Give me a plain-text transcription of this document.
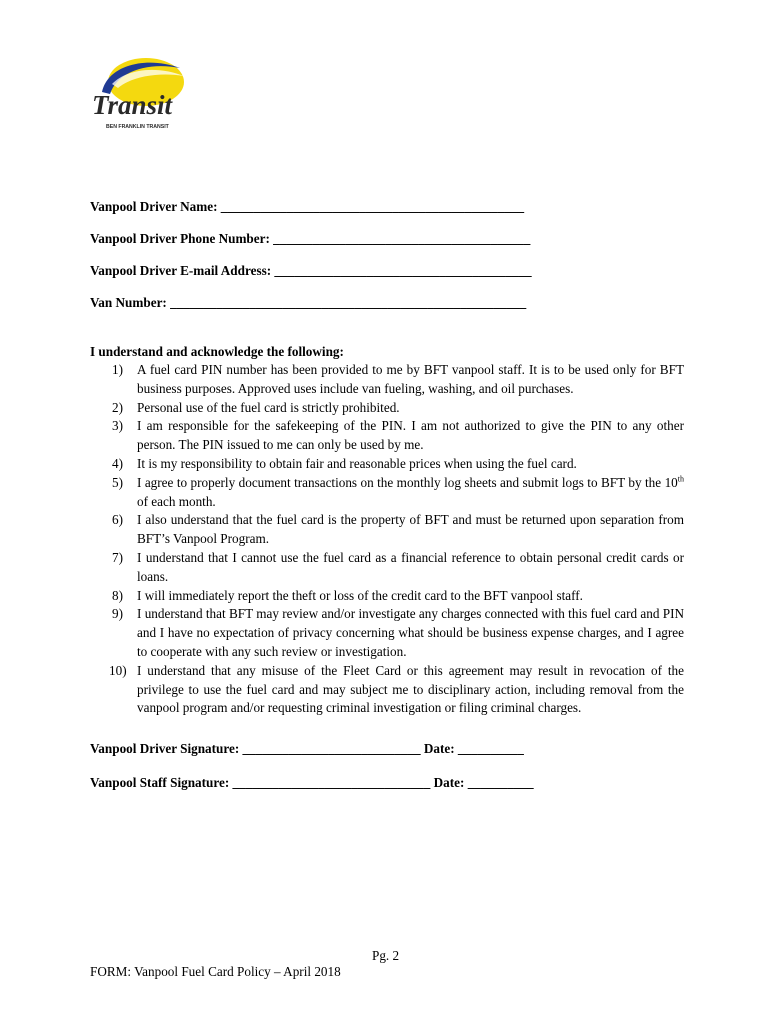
Transit
BEN FRANKLIN TRANSIT
Vanpool Driver Name: ______________________________________________
Vanpool Driver Phone Number: _______________________________________
Vanpool Driver E-mail Address: _______________________________________
Van Number: ______________________________________________________
I understand and acknowledge the following:
1) A fuel card PIN number has been provided to me by BFT vanpool staff. It is to be used only for BFT business purposes. Approved uses include van fueling, washing, and oil purchases.
2) Personal use of the fuel card is strictly prohibited.
3) I am responsible for the safekeeping of the PIN. I am not authorized to give the PIN to any other person. The PIN issued to me can only be used by me.
4) It is my responsibility to obtain fair and reasonable prices when using the fuel card.
5) I agree to properly document transactions on the monthly log sheets and submit logs to BFT by the 10th of each month.
6) I also understand that the fuel card is the property of BFT and must be returned upon separation from BFT’s Vanpool Program.
7) I understand that I cannot use the fuel card as a financial reference to obtain personal credit cards or loans.
8) I will immediately report the theft or loss of the credit card to the BFT vanpool staff.
9) I understand that BFT may review and/or investigate any charges connected with this fuel card and PIN and I have no expectation of privacy concerning what should be business expense charges, and I agree to cooperate with any such review or investigation.
10) I understand that any misuse of the Fleet Card or this agreement may result in revocation of the privilege to use the fuel card and may subject me to disciplinary action, including removal from the vanpool program and/or requesting criminal investigation or filing criminal charges.
Vanpool Driver Signature: ___________________________ Date: __________
Vanpool Staff Signature: ______________________________ Date: __________
Pg. 2
FORM: Vanpool Fuel Card Policy – April 2018
